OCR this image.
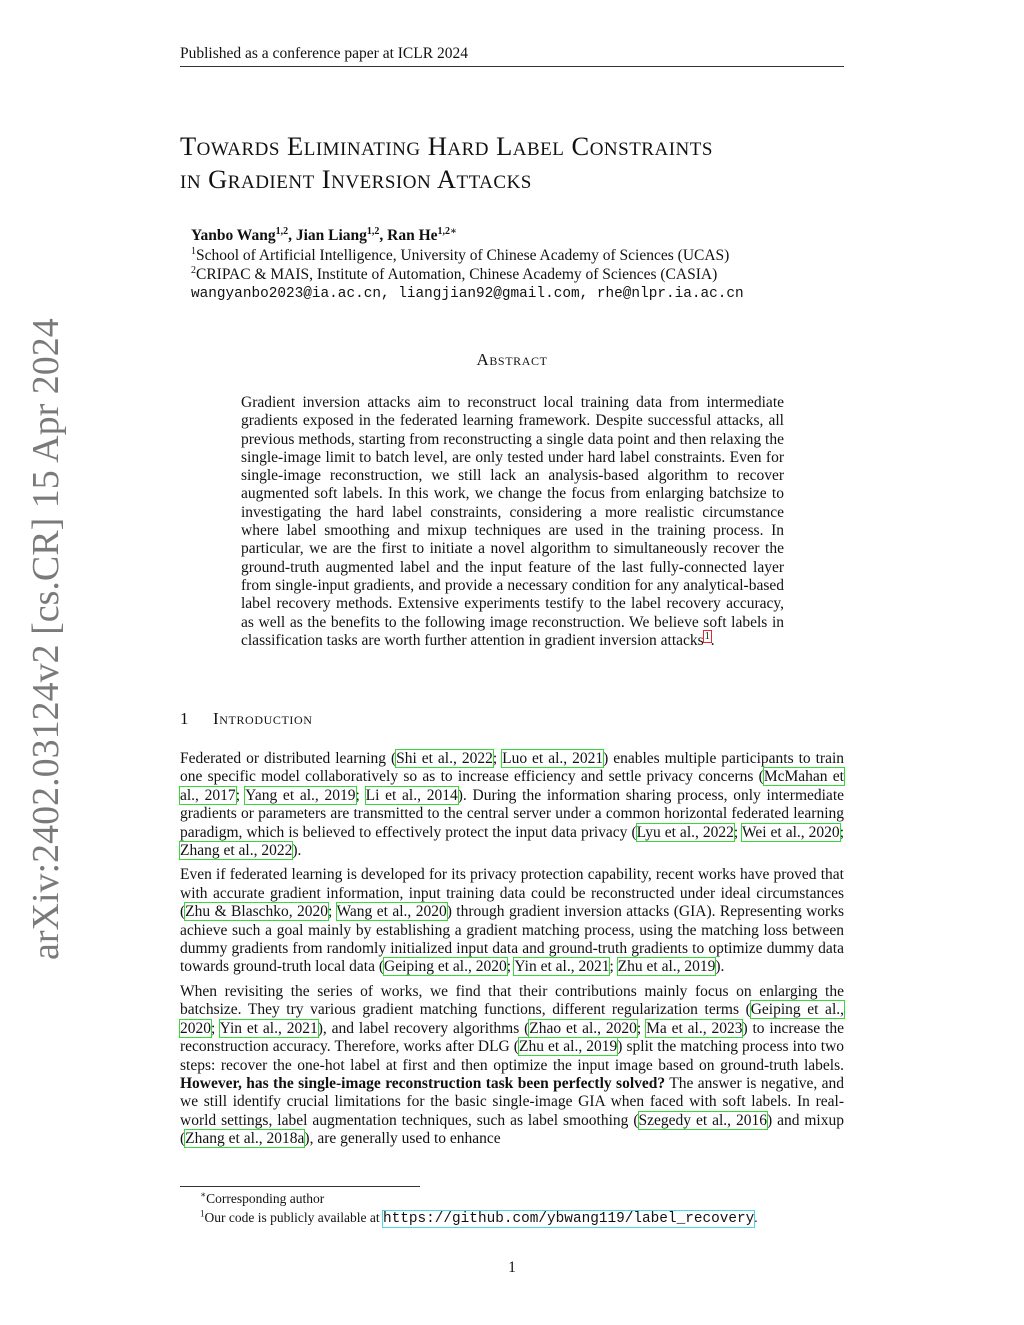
Published as a conference paper at ICLR 2024
arXiv:2402.03124v2 [cs.CR] 15 Apr 2024
Towards Eliminating Hard Label Constraints
in Gradient Inversion Attacks
Yanbo Wang$^{1,2}$, Jian Liang$^{1,2}$, Ran $He^{1,2∗}$
$^1$School of Artificial Intelligence, University of Chinese Academy of Sciences (UCAS)
$^2$CRIPAC & MAIS, Institute of Automation, Chinese Academy of Sciences (CASIA)
wangyanbo2023@ia.ac.cn, liangjian92@gmail.com, rhe@nlpr.ia.ac.cn
Abstract

Gradient inversion attacks aim to reconstruct local training data from intermediate gradients exposed in the federated learning framework. Despite successful attacks, all previous methods, starting from reconstructing a single data point and then relaxing the single-image limit to batch level, are only tested under hard label constraints. Even for single-image reconstruction, we still lack an analysis-based algorithm to recover augmented soft labels. In this work, we change the focus from enlarging batchsize to investigating the hard label constraints, considering a more realistic circumstance where label smoothing and mixup techniques are used in the training process. In particular, we are the first to initiate a novel algorithm to simultaneously recover the ground-truth augmented label and the input feature of the last fully-connected layer from single-input gradients, and provide a necessary condition for any analytical-based label recovery methods. Extensive experiments testify to the label recovery accuracy, as well as the benefits to the following image reconstruction. We believe soft labels in classification tasks are worth further attention in gradient inversion attacks$^1$.

1 Introduction

Federated or distributed learning (Shi et al., 2022; Luo et al., 2021) enables multiple participants to train one specific model collaboratively so as to increase efficiency and settle privacy concerns (McMahan et al., 2017; Yang et al., 2019; Li et al., 2014). During the information sharing process, only intermediate gradients or parameters are transmitted to the central server under a common horizontal federated learning paradigm, which is believed to effectively protect the input data privacy (Lyu et al., 2022; Wei et al., 2020; Zhang et al., 2022).

Even if federated learning is developed for its privacy protection capability, recent works have proved that with accurate gradient information, input training data could be reconstructed under ideal circumstances (Zhu & Blaschko, 2020; Wang et al., 2020) through gradient inversion attacks (GIA). Representing works achieve such a goal mainly by establishing a gradient matching process, using the matching loss between dummy gradients from randomly initialized input data and ground-truth gradients to optimize dummy data towards ground-truth local data (Geiping et al., 2020; Yin et al., 2021; Zhu et al., 2019).

When revisiting the series of works, we find that their contributions mainly focus on enlarging the batchsize. They try various gradient matching functions, different regularization terms (Geiping et al., 2020; Yin et al., 2021), and label recovery algorithms (Zhao et al., 2020; Ma et al., 2023) to increase the reconstruction accuracy. Therefore, works after DLG (Zhu et al., 2019) split the matching process into two steps: recover the one-hot label at first and then optimize the input image based on ground-truth labels. However, has the single-image reconstruction task been perfectly solved? The answer is negative, and we still identify crucial limitations for the basic single-image GIA when faced with soft labels. In real-world settings, label augmentation techniques, such as label smoothing (Szegedy et al., 2016) and mixup (Zhang et al., 2018a), are generally used to enhance

∗Corresponding author
$^1$Our code is publicly available at https://github.com/ybwang119/label_recovery.
1
